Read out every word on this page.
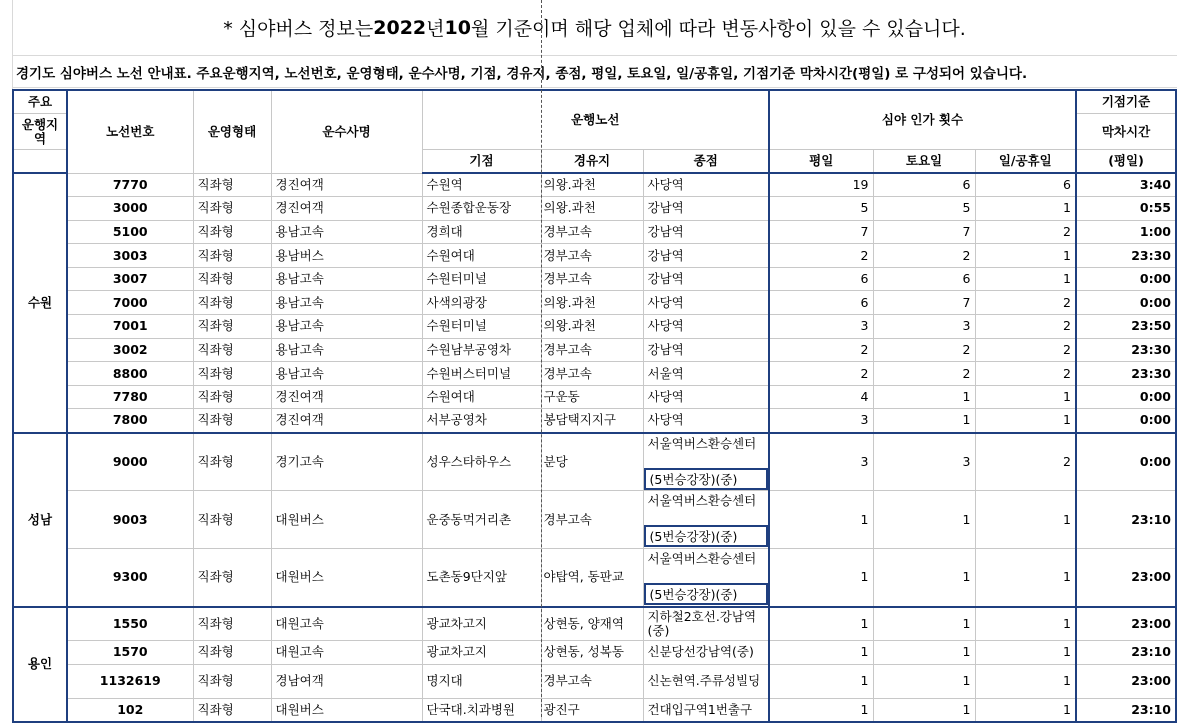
* 심야버스 정보는 2022 년 10 월 기준이며 해당 업체에 따라 변동사항이 있을 수 있습니다.
경기도 심야버스 노선 안내표. 주요운행지역, 노선번호, 운영형태, 운수사명, 기점, 경유지, 종점, 평일, 토요일, 일/공휴일, 기점기준 막차시간(평일) 로 구성되어 있습니다.
주요	노선번호	운영형태	운수사명	운행노선			심야 인가 횟수			기점기준
운행지역										막차시간
				기점	경유지	종점	평일	토요일	일/공휴일	(평일)
수원	7770	직좌형	경진여객	수원역	의왕.과천	사당역	19	6	6	3:40
	3000	직좌형	경진여객	수원종합운동장	의왕.과천	강남역	5	5	1	0:55
	5100	직좌형	용남고속	경희대	경부고속	강남역	7	7	2	1:00
	3003	직좌형	용남버스	수원여대	경부고속	강남역	2	2	1	23:30
	3007	직좌형	용남고속	수원터미널	경부고속	강남역	6	6	1	0:00
	7000	직좌형	용남고속	사색의광장	의왕.과천	사당역	6	7	2	0:00
	7001	직좌형	용남고속	수원터미널	의왕.과천	사당역	3	3	2	23:50
	3002	직좌형	용남고속	수원남부공영차	경부고속	강남역	2	2	2	23:30
	8800	직좌형	용남고속	수원버스터미널	경부고속	서울역	2	2	2	23:30
	7780	직좌형	경진여객	수원여대	구운동	사당역	4	1	1	0:00
	7800	직좌형	경진여객	서부공영차	봉담택지지구	사당역	3	1	1	0:00
성남	9000	직좌형	경기고속	성우스타하우스	분당	서울역버스환승센터
(5번승강장)(중)	3	3	2	0:00
	9003	직좌형	대원버스	운중동먹거리촌	경부고속	서울역버스환승센터
(5번승강장)(중)	1	1	1	23:10
	9300	직좌형	대원버스	도촌동9단지앞	야탑역, 동판교	서울역버스환승센터
(5번승강장)(중)	1	1	1	23:00
용인	1550	직좌형	대원고속	광교차고지	상현동, 양재역	지하철2호선.강남역(중)	1	1	1	23:00
	1570	직좌형	대원고속	광교차고지	상현동, 성복동	신분당선강남역(중)	1	1	1	23:10
	1132619	직좌형	경남여객	명지대	경부고속	신논현역.주류성빌딩	1	1	1	23:00
	102	직좌형	대원버스	단국대.치과병원	광진구	건대입구역1번출구	1	1	1	23:10
